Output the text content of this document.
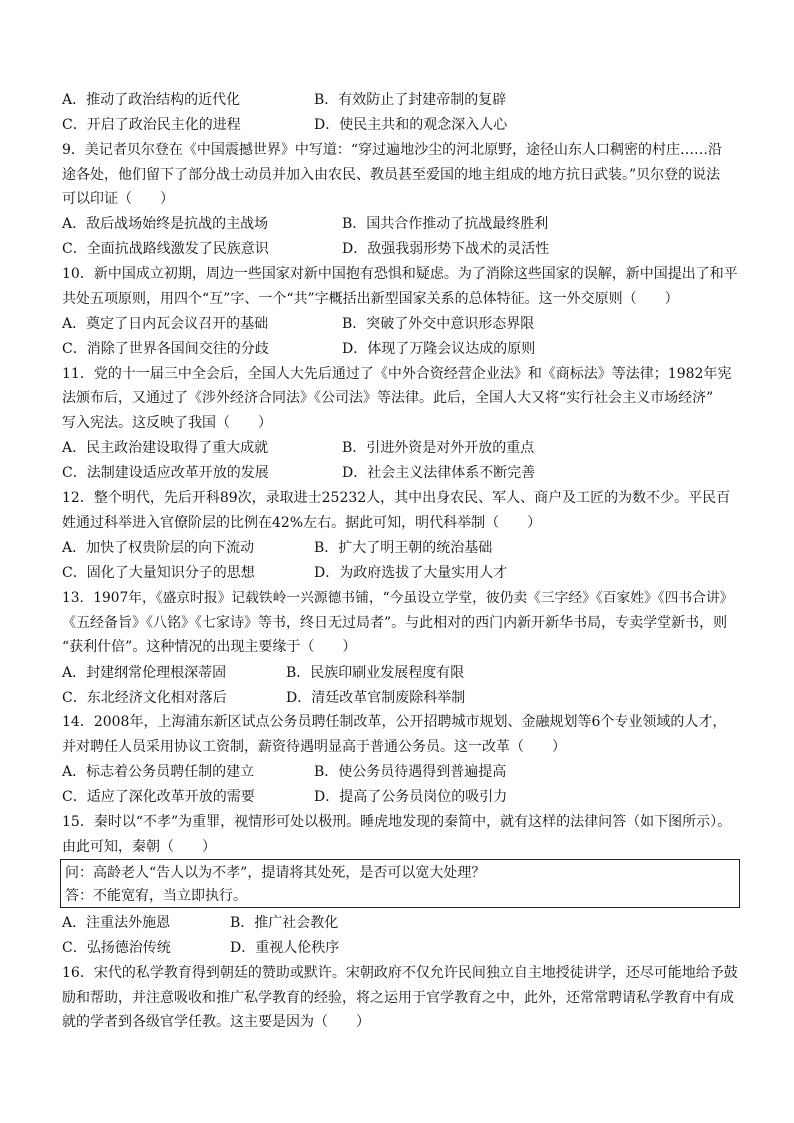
A．推动了政治结构的近代化	B．有效防止了封建帝制的复辟
C．开启了政治民主化的进程	D．使民主共和的观念深入人心
9．美记者贝尔登在《中国震撼世界》中写道：“穿过遍地沙尘的河北原野，途径山东人口稠密的村庄……沿
途各处，他们留下了部分战士动员并加入由农民、教员甚至爱国的地主组成的地方抗日武装。”贝尔登的说法
可以印证（　　）
A．敌后战场始终是抗战的主战场	B．国共合作推动了抗战最终胜利
C．全面抗战路线激发了民族意识	D．敌强我弱形势下战术的灵活性
10．新中国成立初期，周边一些国家对新中国抱有恐惧和疑虑。为了消除这些国家的误解，新中国提出了和平
共处五项原则，用四个“互”字、一个“共”字概括出新型国家关系的总体特征。这一外交原则（　　）
A．奠定了日内瓦会议召开的基础	B．突破了外交中意识形态界限
C．消除了世界各国间交往的分歧	D．体现了万隆会议达成的原则
11．党的十一届三中全会后，全国人大先后通过了《中外合资经营企业法》和《商标法》等法律；1982年宪
法颁布后，又通过了《涉外经济合同法》《公司法》等法律。此后，全国人大又将“实行社会主义市场经济”
写入宪法。这反映了我国（　　）
A．民主政治建设取得了重大成就	B．引进外资是对外开放的重点
C．法制建设适应改革开放的发展	D．社会主义法律体系不断完善
12．整个明代，先后开科89次，录取进士25232人，其中出身农民、军人、商户及工匠的为数不少。平民百
姓通过科举进入官僚阶层的比例在42%左右。据此可知，明代科举制（　　）
A．加快了权贵阶层的向下流动	B．扩大了明王朝的统治基础
C．固化了大量知识分子的思想	D．为政府选拔了大量实用人才
13．1907年，《盛京时报》记载铁岭一兴源德书铺，“今虽设立学堂，彼仍卖《三字经》《百家姓》《四书合讲》
《五经备旨》《八铭》《七家诗》等书，终日无过局者”。与此相对的西门内新开新华书局，专卖学堂新书，则
“获利什倍”。这种情况的出现主要缘于（　　）
A．封建纲常伦理根深蒂固	B．民族印刷业发展程度有限
C．东北经济文化相对落后	D．清廷改革官制废除科举制
14．2008年，上海浦东新区试点公务员聘任制改革，公开招聘城市规划、金融规划等6个专业领域的人才，
并对聘任人员采用协议工资制，薪资待遇明显高于普通公务员。这一改革（　　）
A．标志着公务员聘任制的建立	B．使公务员待遇得到普遍提高
C．适应了深化改革开放的需要	D．提高了公务员岗位的吸引力
15．秦时以“不孝”为重罪，视情形可处以极刑。睡虎地发现的秦简中，就有这样的法律问答（如下图所示）。
由此可知，秦朝（　　）
问：高龄老人“告人以为不孝”，提请将其处死，是否可以宽大处理？
答：不能宽宥，当立即执行。
A．注重法外施恩	B．推广社会教化
C．弘扬德治传统	D．重视人伦秩序
16．宋代的私学教育得到朝廷的赞助或默许。宋朝政府不仅允许民间独立自主地授徒讲学，还尽可能地给予鼓
励和帮助，并注意吸收和推广私学教育的经验，将之运用于官学教育之中，此外，还常常聘请私学教育中有成
就的学者到各级官学任教。这主要是因为（　　）
